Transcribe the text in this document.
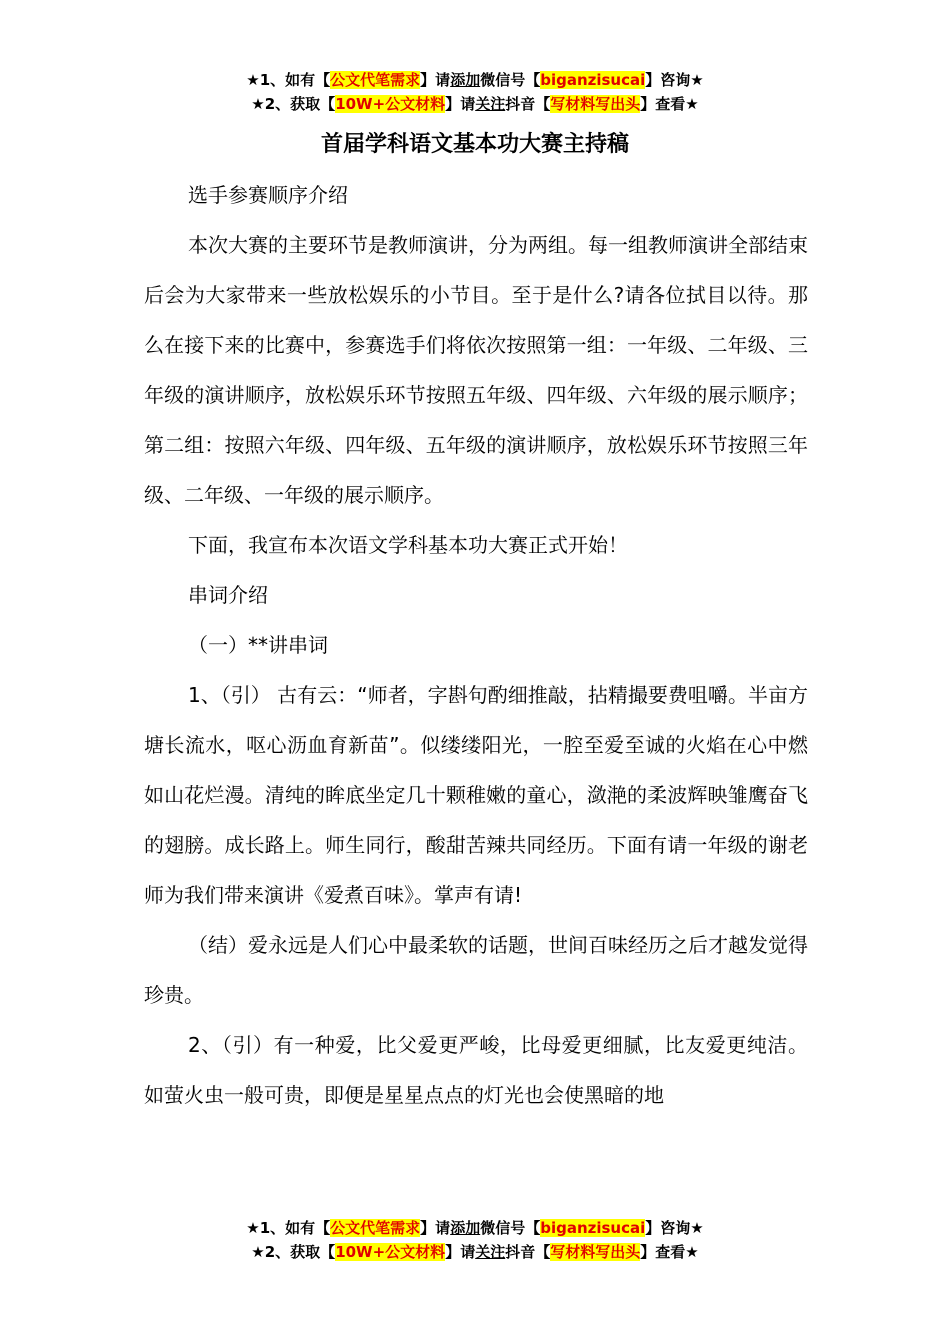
★1、如有【公文代笔需求】请添加微信号【biganzisucai】咨询★
★2、获取【10W+公文材料】请关注抖音【写材料写出头】查看★
首届学科语文基本功大赛主持稿

选手参赛顺序介绍

本次大赛的主要环节是教师演讲，分为两组。每一组教师演讲全部结束后会为大家带来一些放松娱乐的小节目。至于是什么?请各位拭目以待。那么在接下来的比赛中，参赛选手们将依次按照第一组：一年级、二年级、三年级的演讲顺序，放松娱乐环节按照五年级、四年级、六年级的展示顺序；第二组：按照六年级、四年级、五年级的演讲顺序，放松娱乐环节按照三年级、二年级、一年级的展示顺序。

下面，我宣布本次语文学科基本功大赛正式开始！

串词介绍

（一）**讲串词

1、（引） 古有云：“师者，字斟句酌细推敲，拈精撮要费咀嚼。半亩方塘长流水，呕心沥血育新苗”。似缕缕阳光，一腔至爱至诚的火焰在心中燃如山花烂漫。清纯的眸底坐定几十颗稚嫩的童心，潋滟的柔波辉映雏鹰奋飞的翅膀。成长路上。师生同行，酸甜苦辣共同经历。下面有请一年级的谢老师为我们带来演讲《爱煮百味》。掌声有请!

（结）爱永远是人们心中最柔软的话题，世间百味经历之后才越发觉得珍贵。

2、（引）有一种爱，比父爱更严峻，比母爱更细腻，比友爱更纯洁。如萤火虫一般可贵，即便是星星点点的灯光也会使黑暗的地

★1、如有【公文代笔需求】请添加微信号【biganzisucai】咨询★
★2、获取【10W+公文材料】请关注抖音【写材料写出头】查看★
